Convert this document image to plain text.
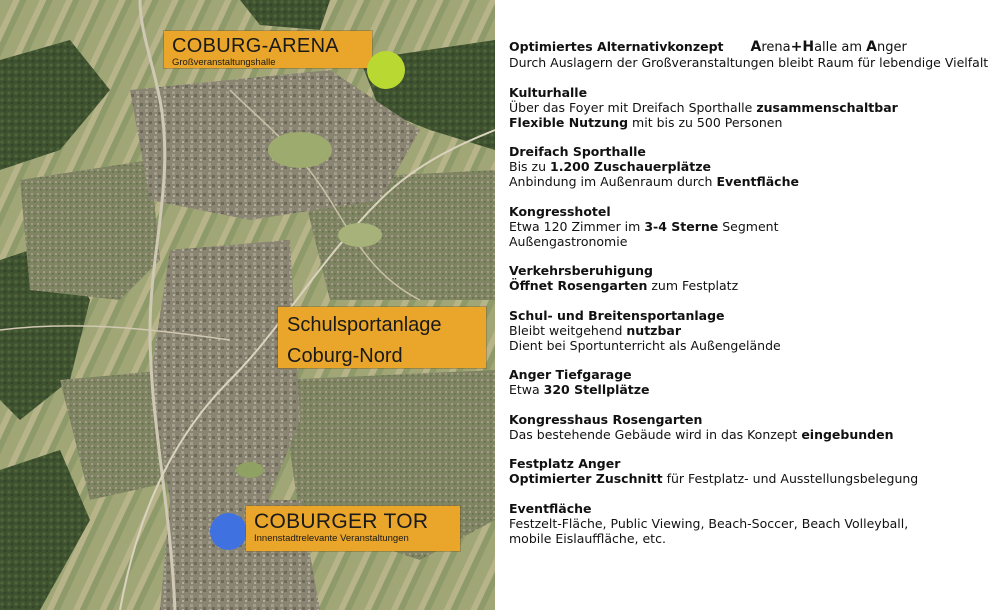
COBURG-ARENA
Großveranstaltungshalle
Schulsportanlage
Coburg-Nord
COBURGER TOR
Innenstadtrelevante Veranstaltungen
Optimiertes Alternativkonzept Arena+Halle am Anger
Durch Auslagern der Großveranstaltungen bleibt Raum für lebendige Vielfalt
Kulturhalle
Über das Foyer mit Dreifach Sporthalle zusammenschaltbar
Flexible Nutzung mit bis zu 500 Personen
Dreifach Sporthalle
Bis zu 1.200 Zuschauerplätze
Anbindung im Außenraum durch Eventfläche
Kongresshotel
Etwa 120 Zimmer im 3-4 Sterne Segment
Außengastronomie
Verkehrsberuhigung
Öffnet Rosengarten zum Festplatz
Schul- und Breitensportanlage
Bleibt weitgehend nutzbar
Dient bei Sportunterricht als Außengelände
Anger Tiefgarage
Etwa 320 Stellplätze
Kongresshaus Rosengarten
Das bestehende Gebäude wird in das Konzept eingebunden
Festplatz Anger
Optimierter Zuschnitt für Festplatz- und Ausstellungsbelegung
Eventfläche
Festzelt-Fläche, Public Viewing, Beach-Soccer, Beach Volleyball,
mobile Eislauffläche, etc.
